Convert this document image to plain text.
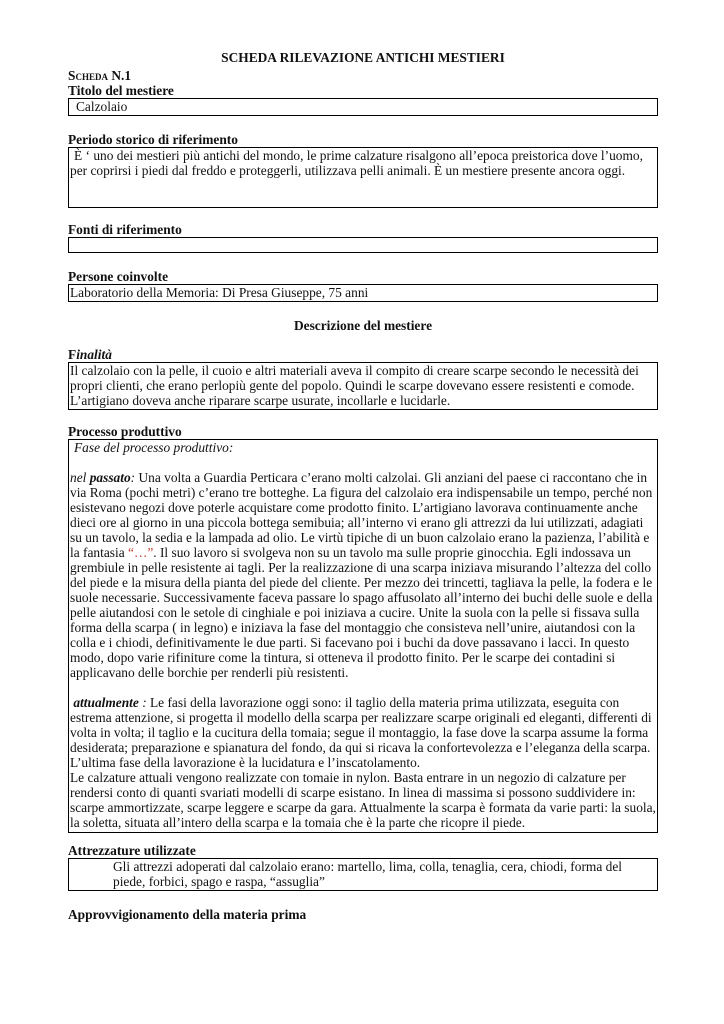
SCHEDA RILEVAZIONE ANTICHI MESTIERI

Scheda N.1

Titolo del mestiere

Calzolaio

Periodo storico di riferimento

È ‘ uno dei mestieri più antichi del mondo, le prime calzature risalgono all’epoca preistorica dove l’uomo, per coprirsi i piedi dal freddo e proteggerli, utilizzava pelli animali. È un mestiere presente ancora oggi.

Fonti di riferimento

Persone coinvolte

Laboratorio della Memoria: Di Presa Giuseppe, 75 anni

Descrizione del mestiere

Finalità

Il calzolaio con la pelle, il cuoio e altri materiali aveva il compito di creare scarpe secondo le necessità dei propri clienti, che erano perlopiù gente del popolo. Quindi le scarpe dovevano essere resistenti e comode. L’artigiano doveva anche riparare scarpe usurate, incollarle e lucidarle.

Processo produttivo

Fase del processo produttivo:

nel passato: Una volta a Guardia Perticara c’erano molti calzolai. Gli anziani del paese ci raccontano che in via Roma (pochi metri) c’erano tre botteghe. La figura del calzolaio era indispensabile un tempo, perché non esistevano negozi dove poterle acquistare come prodotto finito. L’artigiano lavorava continuamente anche dieci ore al giorno in una piccola bottega semibuia; all’interno vi erano gli attrezzi da lui utilizzati, adagiati su un tavolo, la sedia e la lampada ad olio. Le virtù tipiche di un buon calzolaio erano la pazienza, l’abilità e la fantasia “…”. Il suo lavoro si svolgeva non su un tavolo ma sulle proprie ginocchia. Egli indossava un grembiule in pelle resistente ai tagli. Per la realizzazione di una scarpa iniziava misurando l’altezza del collo del piede e la misura della pianta del piede del cliente. Per mezzo dei trincetti, tagliava la pelle, la fodera e le suole necessarie. Successivamente faceva passare lo spago affusolato all’interno dei buchi delle suole e della pelle aiutandosi con le setole di cinghiale e poi iniziava a cucire. Unite la suola con la pelle si fissava sulla forma della scarpa ( in legno) e iniziava la fase del montaggio che consisteva nell’unire, aiutandosi con la colla e i chiodi, definitivamente le due parti. Si facevano poi i buchi da dove passavano i lacci. In questo modo, dopo varie rifiniture come la tintura, si otteneva il prodotto finito. Per le scarpe dei contadini si applicavano delle borchie per renderli più resistenti.

attualmente : Le fasi della lavorazione oggi sono: il taglio della materia prima utilizzata, eseguita con estrema attenzione, si progetta il modello della scarpa per realizzare scarpe originali ed eleganti, differenti di volta in volta; il taglio e la cucitura della tomaia; segue il montaggio, la fase dove la scarpa assume la forma desiderata; preparazione e spianatura del fondo, da qui si ricava la confortevolezza e l’eleganza della scarpa. L’ultima fase della lavorazione è la lucidatura e l’inscatolamento.

Le calzature attuali vengono realizzate con tomaie in nylon. Basta entrare in un negozio di calzature per rendersi conto di quanti svariati modelli di scarpe esistano. In linea di massima si possono suddividere in: scarpe ammortizzate, scarpe leggere e scarpe da gara. Attualmente la scarpa è formata da varie parti: la suola, la soletta, situata all’intero della scarpa e la tomaia che è la parte che ricopre il piede.

Attrezzature utilizzate

Gli attrezzi adoperati dal calzolaio erano: martello, lima, colla, tenaglia, cera, chiodi, forma del piede, forbici, spago e raspa, “assuglia”

Approvvigionamento della materia prima
